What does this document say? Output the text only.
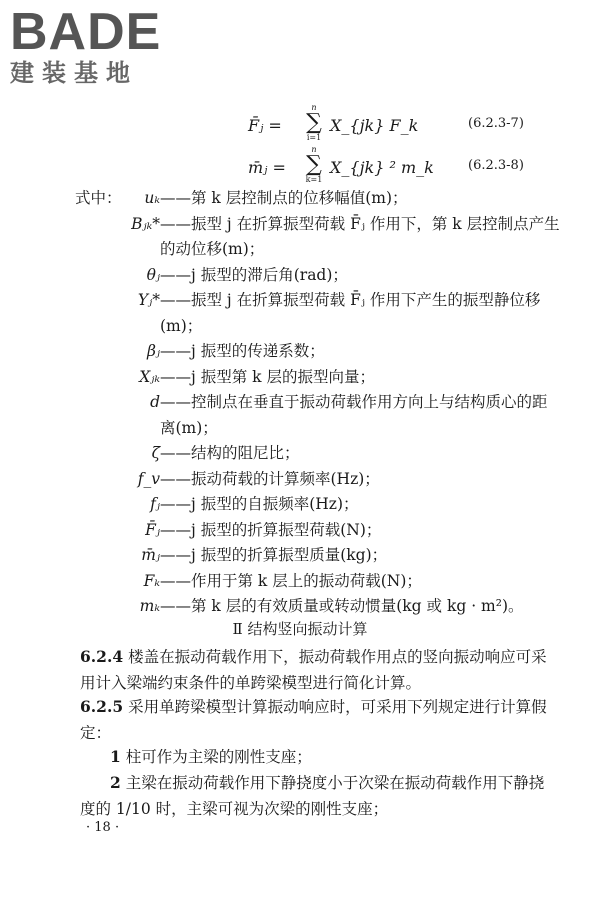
BADE
建装基地
F̄ⱼ =
n
∑
i=1
X_{jk} F_k	(6.2.3-7)
m̄ⱼ =
n
∑
k=1
X_{jk} ² m_k	(6.2.3-8)
式中：	uₖ ——第 k 层控制点的位移幅值(m)；
Bⱼₖ* ——振型 j 在折算振型荷载 F̄ⱼ 作用下，第 k 层控制点产生的动位移(m)；
θⱼ ——j 振型的滞后角(rad)；
Yⱼ* ——振型 j 在折算振型荷载 F̄ⱼ 作用下产生的振型静位移(m)；
βⱼ ——j 振型的传递系数；
Xⱼₖ ——j 振型第 k 层的振型向量；
d ——控制点在垂直于振动荷载作用方向上与结构质心的距离(m)；
ζ ——结构的阻尼比；
f_v ——振动荷载的计算频率(Hz)；
fⱼ ——j 振型的自振频率(Hz)；
F̄ⱼ ——j 振型的折算振型荷载(N)；
m̄ⱼ ——j 振型的折算振型质量(kg)；
Fₖ ——作用于第 k 层上的振动荷载(N)；
mₖ ——第 k 层的有效质量或转动惯量(kg 或 kg · m²)。
Ⅱ 结构竖向振动计算
6.2.4 楼盖在振动荷载作用下，振动荷载作用点的竖向振动响应可采用计入梁端约束条件的单跨梁模型进行简化计算。
6.2.5 采用单跨梁模型计算振动响应时，可采用下列规定进行计算假定：
1 柱可作为主梁的刚性支座；
2 主梁在振动荷载作用下静挠度小于次梁在振动荷载作用下静挠度的 1/10 时，主梁可视为次梁的刚性支座；
· 18 ·
